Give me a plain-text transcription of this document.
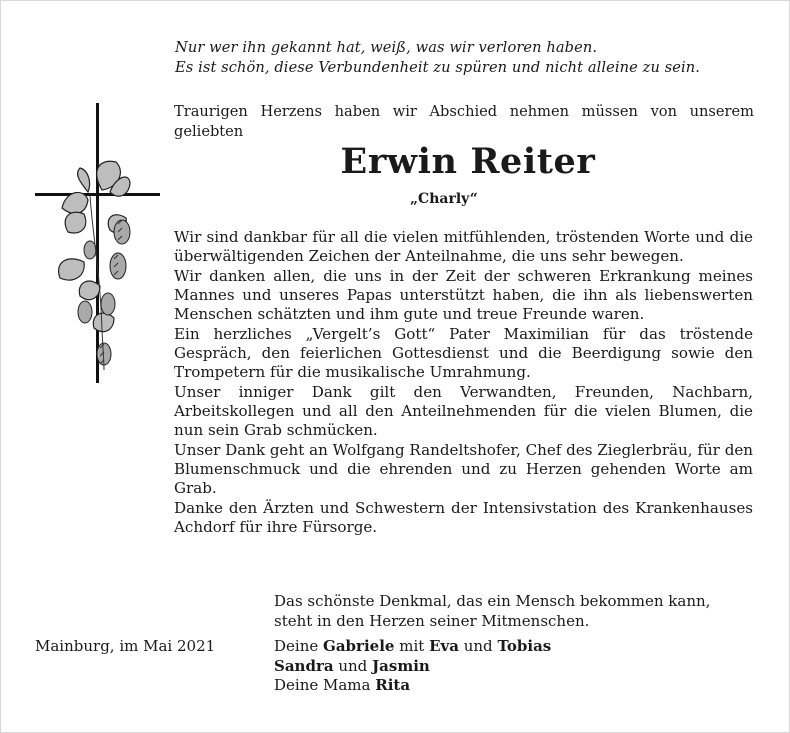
Nur wer ihn gekannt hat, weiß, was wir verloren haben.
Es ist schön, diese Verbundenheit zu spüren und nicht alleine zu sein.
Traurigen Herzens haben wir Abschied nehmen müssen von unserem geliebten
Erwin Reiter
„Charly“

Wir sind dankbar für all die vielen mitfühlenden, tröstenden Worte und die überwältigenden Zeichen der Anteilnahme, die uns sehr bewegen.

Wir danken allen, die uns in der Zeit der schweren Erkrankung meines Mannes und unseres Papas unterstützt haben, die ihn als liebenswerten Menschen schätzten und ihm gute und treue Freunde waren.

Ein herzliches „Vergelt’s Gott“ Pater Maximilian für das tröstende Gespräch, den feierlichen Gottesdienst und die Beerdigung sowie den Trompetern für die musikalische Umrahmung.

Unser inniger Dank gilt den Verwandten, Freunden, Nachbarn, Arbeitskollegen und all den Anteilnehmenden für die vielen Blumen, die nun sein Grab schmücken.

Unser Dank geht an Wolfgang Randeltshofer, Chef des Zieglerbräu, für den Blumenschmuck und die ehrenden und zu Herzen gehenden Worte am Grab.

Danke den Ärzten und Schwestern der Intensivstation des Krankenhauses Achdorf für ihre Fürsorge.

Das schönste Denkmal, das ein Mensch bekommen kann,
steht in den Herzen seiner Mitmenschen.
Mainburg, im Mai 2021	Deine Gabriele mit Eva und Tobias
Sandra und Jasmin
Deine Mama Rita
